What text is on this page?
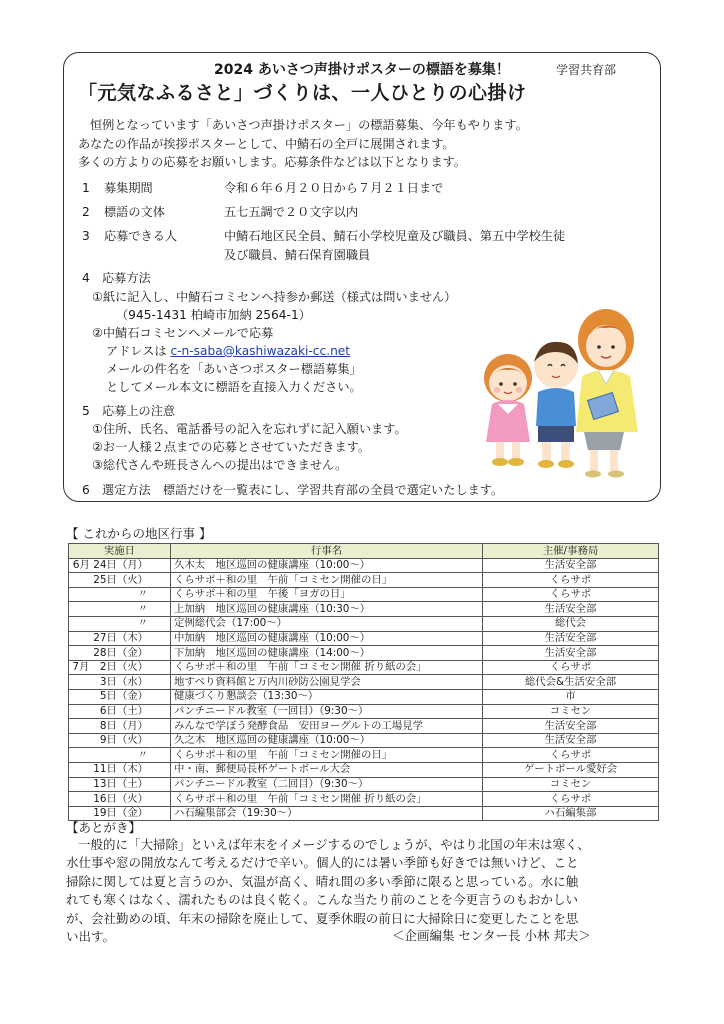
2024 あいさつ声掛けポスターの標語を募集！	学習共育部
「元気なふるさと」づくりは、一人ひとりの心掛け
恒例となっています「あいさつ声掛けポスター」の標語募集、今年もやります。
あなたの作品が挨拶ポスターとして、中鯖石の全戸に展開されます。
多くの方よりの応募をお願いします。応募条件などは以下となります。
1 募集期間	令和６年６月２０日から７月２１日まで
2 標語の文体	五七五調で２０文字以内
3 応募できる人	中鯖石地区民全員、鯖石小学校児童及び職員、第五中学校生徒
及び職員、鯖石保育園職員
4　応募方法
①紙に記入し、中鯖石コミセンへ持参か郵送（様式は問いません）
（945-1431 柏崎市加納 2564-1）
②中鯖石コミセンへメールで応募
アドレスは c-n-saba@kashiwazaki-cc.net
メールの件名を「あいさつポスター標語募集」
としてメール本文に標語を直接入力ください。
5　応募上の注意
①住所、氏名、電話番号の記入を忘れずに記入願います。
②お一人様２点までの応募とさせていただきます。
③総代さんや班長さんへの提出はできません。
6　選定方法　標語だけを一覧表にし、学習共育部の全員で選定いたします。
【 これからの地区行事 】
実施日	行事名	主催/事務局
6月 24日（月）	久木太　地区巡回の健康講座（10:00～）	生活安全部
25日（火）	くらサポ＋和の里　午前「コミセン開催の日」	くらサポ
〃	くらサポ＋和の里　午後「ヨガの日」	くらサポ
〃	上加納　地区巡回の健康講座（10:30～）	生活安全部
〃	定例総代会（17:00～）	総代会
27日（木）	中加納　地区巡回の健康講座（10:00～）	生活安全部
28日（金）	下加納　地区巡回の健康講座（14:00～）	生活安全部
7月　2日（火）	くらサポ＋和の里　午前「コミセン開催 折り紙の会」	くらサポ
3日（水）	地すべり資料館と万内川砂防公園見学会	総代会&生活安全部
5日（金）	健康づくり懇談会（13:30～）	市
6日（土）	パンチニードル教室（一回目）（9:30～）	コミセン
8日（月）	みんなで学ぼう発酵食品　安田ヨーグルトの工場見学	生活安全部
9日（火）	久之木　地区巡回の健康講座（10:00～）	生活安全部
〃	くらサポ＋和の里　午前「コミセン開催の日」	くらサポ
11日（木）	中・南、郵便局長杯ゲートボール大会	ゲートボール愛好会
13日（土）	パンチニードル教室（二回目）（9:30～）	コミセン
16日（火）	くらサポ＋和の里　午前「コミセン開催 折り紙の会」	くらサポ
19日（金）	ハ石編集部会（19:30～）	ハ石編集部
【あとがき】
一般的に「大掃除」といえば年末をイメージするのでしょうが、やはり北国の年末は寒く、
水仕事や窓の開放なんて考えるだけで辛い。個人的には暑い季節も好きでは無いけど、こと
掃除に関しては夏と言うのか、気温が高く、晴れ間の多い季節に限ると思っている。水に触
れても寒くはなく、濡れたものは良く乾く。こんな当たり前のことを今更言うのもおかしい
が、会社勤めの頃、年末の掃除を廃止して、夏季休暇の前日に大掃除日に変更したことを思
い出す。	＜企画編集 センター長 小林 邦夫＞
